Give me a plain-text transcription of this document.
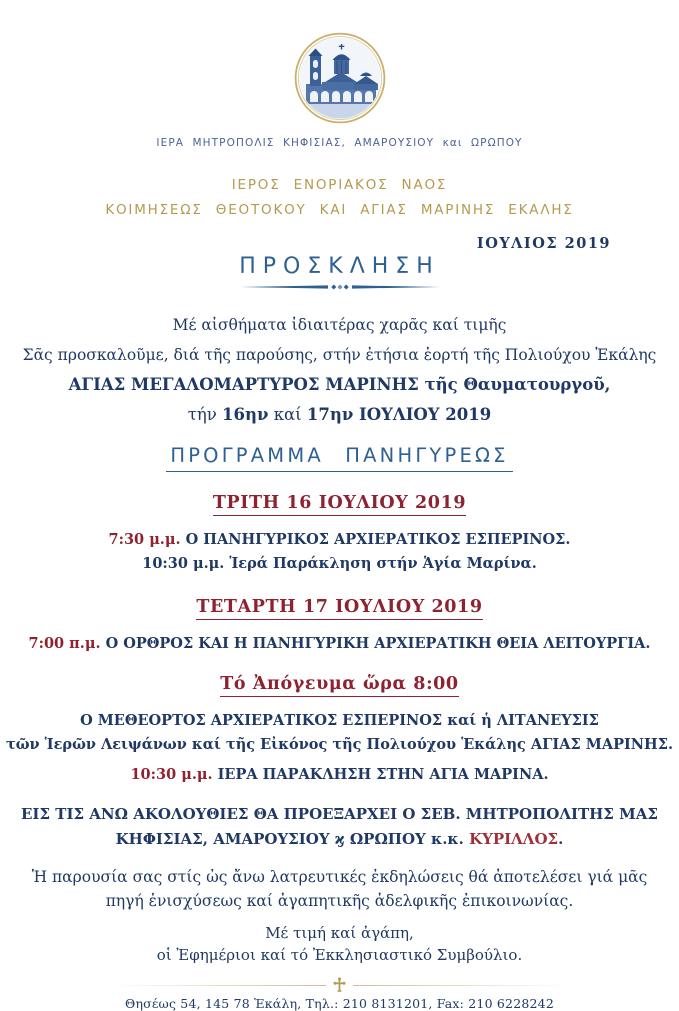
ΙΕΡΑ ΜΗΤΡΟΠΟΛΙΣ ΚΗΦΙΣΙΑΣ, ΑΜΑΡΟΥΣΙΟΥ και ΩΡΩΠΟΥ
ΙΕΡΟΣ ΕΝΟΡΙΑΚΟΣ ΝΑΟΣ
ΚΟΙΜΗΣΕΩΣ ΘΕΟΤΟΚΟΥ ΚΑΙ ΑΓΙΑΣ ΜΑΡΙΝΗΣ ΕΚΑΛΗΣ
ΙΟΥΛΙΟΣ 2019
ΠΡΟΣΚΛΗΣΗ

Μέ αἰσθήματα ἰδιαιτέρας χαρᾶς καί τιμῆς
Σᾶς προσκαλοῦμε, διά τῆς παρούσης, στήν ἐτήσια ἑορτή τῆς Πολιούχου Ἑκάλης

ΑΓΙΑΣ ΜΕΓΑΛΟΜΑΡΤΥΡΟΣ ΜΑΡΙΝΗΣ τῆς Θαυματουργοῦ,

τήν 16ην καί 17ην ΙΟΥΛΙΟΥ 2019

ΠΡΟΓΡΑΜΜΑ ΠΑΝΗΓΥΡΕΩΣ
ΤΡΙΤΗ 16 ΙΟΥΛΙΟΥ 2019

7:30 μ.μ. Ο ΠΑΝΗΓΥΡΙΚΟΣ ΑΡΧΙΕΡΑΤΙΚΟΣ ΕΣΠΕΡΙΝΟΣ.

10:30 μ.μ. Ἱερά Παράκληση στήν Ἁγία Μαρίνα.

ΤΕΤΑΡΤΗ 17 ΙΟΥΛΙΟΥ 2019

7:00 π.μ. Ο ΟΡΘΡΟΣ ΚΑΙ Η ΠΑΝΗΓΥΡΙΚΗ ΑΡΧΙΕΡΑΤΙΚΗ ΘΕΙΑ ΛΕΙΤΟΥΡΓΙΑ.

Τό Ἀπόγευμα ὥρα 8:00

Ο ΜΕΘΕΟΡΤΟΣ ΑΡΧΙΕΡΑΤΙΚΟΣ ΕΣΠΕΡΙΝΟΣ καί ἡ ΛΙΤΑΝΕΥΣΙΣ
τῶν Ἱερῶν Λειψάνων καί τῆς Εἰκόνος τῆς Πολιούχου Ἑκάλης ΑΓΙΑΣ ΜΑΡΙΝΗΣ.

10:30 μ.μ. ΙΕΡΑ ΠΑΡΑΚΛΗΣΗ ΣΤΗΝ ΑΓΙΑ ΜΑΡΙΝΑ.

ΕΙΣ ΤΙΣ ΑΝΩ ΑΚΟΛΟΥΘΙΕΣ ΘΑ ΠΡΟΕΞΑΡΧΕΙ Ο ΣΕΒ. ΜΗΤΡΟΠΟΛΙΤΗΣ ΜΑΣ
ΚΗΦΙΣΙΑΣ, ΑΜΑΡΟΥΣΙΟΥ ϗ ΩΡΩΠΟΥ κ.κ. ΚΥΡΙΛΛΟΣ.

Ἡ παρουσία σας στίς ὡς ἄνω λατρευτικές ἐκδηλώσεις θά ἀποτελέσει γιά μᾶς
πηγή ἐνισχύσεως καί ἀγαπητικῆς ἀδελφικῆς ἐπικοινωνίας.

Μέ τιμή καί ἀγάπη,
οἱ Ἐφημέριοι καί τό Ἐκκλησιαστικό Συμβούλιο.

Θησέως 54, 145 78 Ἑκάλη, Τηλ.: 210 8131201, Fax: 210 6228242
